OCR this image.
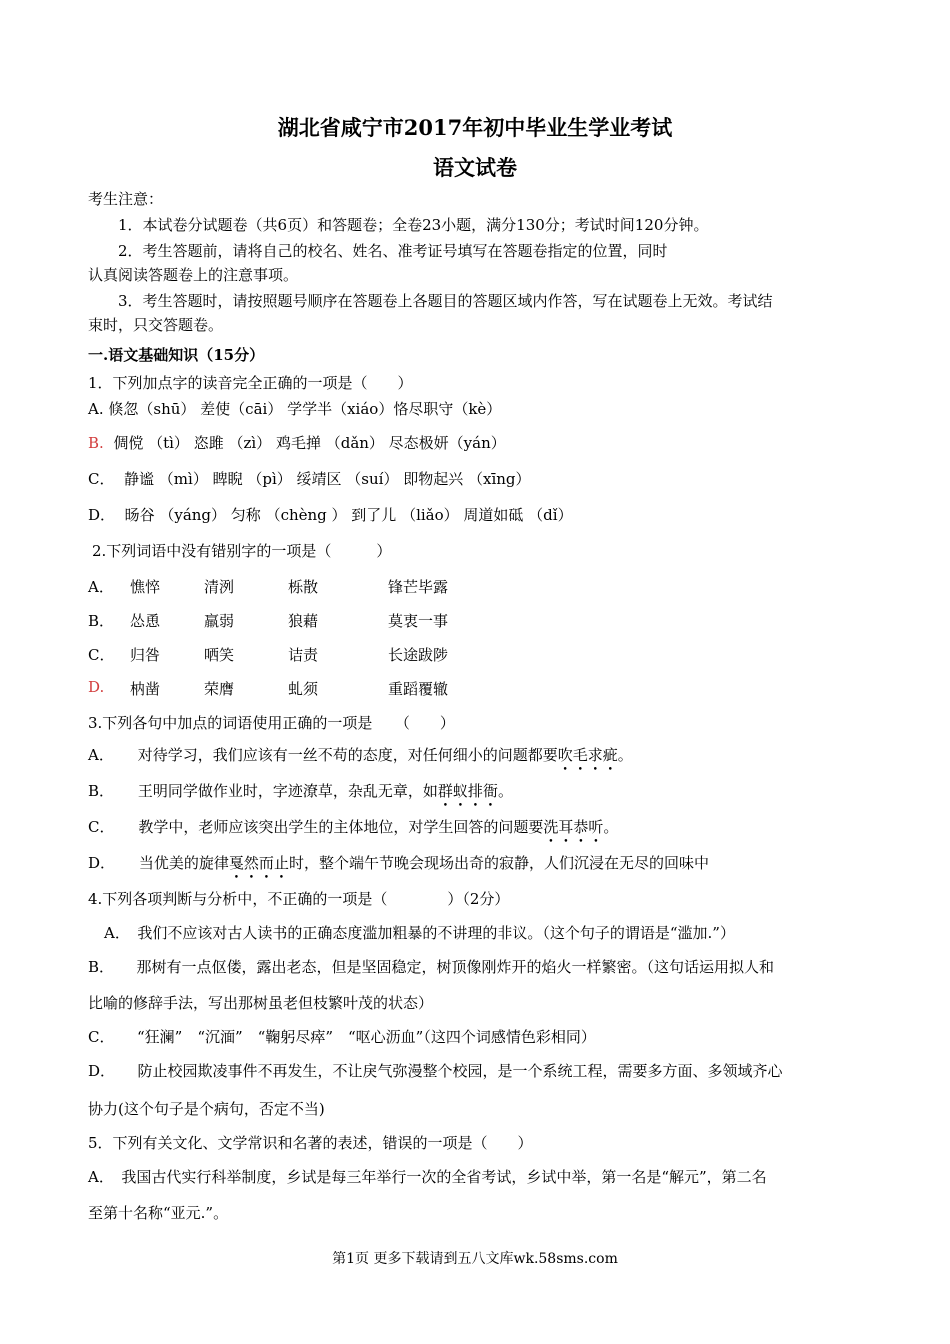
湖北省咸宁市2017年初中毕业生学业考试
语文试卷
考生注意：
1．本试卷分试题卷（共6页）和答题卷；全卷23小题，满分130分；考试时间120分钟。
2．考生答题前，请将自己的校名、姓名、准考证号填写在答题卷指定的位置，同时
认真阅读答题卷上的注意事项。
3．考生答题时，请按照题号顺序在答题卷上各题目的答题区域内作答，写在试题卷上无效。考试结
束时，只交答题卷。
一.语文基础知识（15分）
1．下列加点字的读音完全正确的一项是（　　）
A. 倏忽（shū） 差使（cāi） 学学半（xiáo）恪尽职守（kè）
B. 倜傥 （tì） 恣雎 （zì） 鸡毛掸 （dǎn） 尽态极妍（yán）
C． 静谧 （mì） 睥睨 （pì） 绥靖区 （suí） 即物起兴 （xīng）
D． 旸谷 （yáng） 匀称 （chèng ） 到了儿 （liǎo） 周道如砥 （dǐ）
2.下列词语中没有错别字的一项是（　　　）
A． 憔悴	清洌	栎散	锋芒毕露
B． 怂恿	羸弱	狼藉	莫衷一事
C． 归咎	哂笑	诘责	长途跋陟
D. 枘凿	荣膺	虬须	重蹈覆辙
3.下列各句中加点的词语使用正确的一项是　　（　　）
A． 对待学习，我们应该有一丝不苟的态度，对任何细小的问题都要吹毛求疵。
B． 王明同学做作业时，字迹潦草，杂乱无章，如群蚁排衙。
C． 教学中，老师应该突出学生的主体地位，对学生回答的问题要洗耳恭听。
D． 当优美的旋律戛然而止时，整个端午节晚会现场出奇的寂静，人们沉浸在无尽的回味中
4.下列各项判断与分析中，不正确的一项是（　　　　）（2分）
A．　我们不应该对古人读书的正确态度滥加粗暴的不讲理的非议。（这个句子的谓语是“滥加.”）
B．　　那树有一点伛偻，露出老态，但是坚固稳定，树顶像刚炸开的焰火一样繁密。（这句话运用拟人和
比喻的修辞手法，写出那树虽老但枝繁叶茂的状态）
C．　　“狂澜”　“沉湎”　“鞠躬尽瘁”　“呕心沥血”（这四个词感情色彩相同）
D．　　防止校园欺凌事件不再发生，不让戾气弥漫整个校园，是一个系统工程，需要多方面、多领域齐心
协力(这个句子是个病句，否定不当)
5．下列有关文化、文学常识和名著的表述，错误的一项是（　　）
A．　我国古代实行科举制度，乡试是每三年举行一次的全省考试，乡试中举，第一名是“解元”，第二名
至第十名称“亚元.”。
第1页 更多下载请到五八文库wk.58sms.com
